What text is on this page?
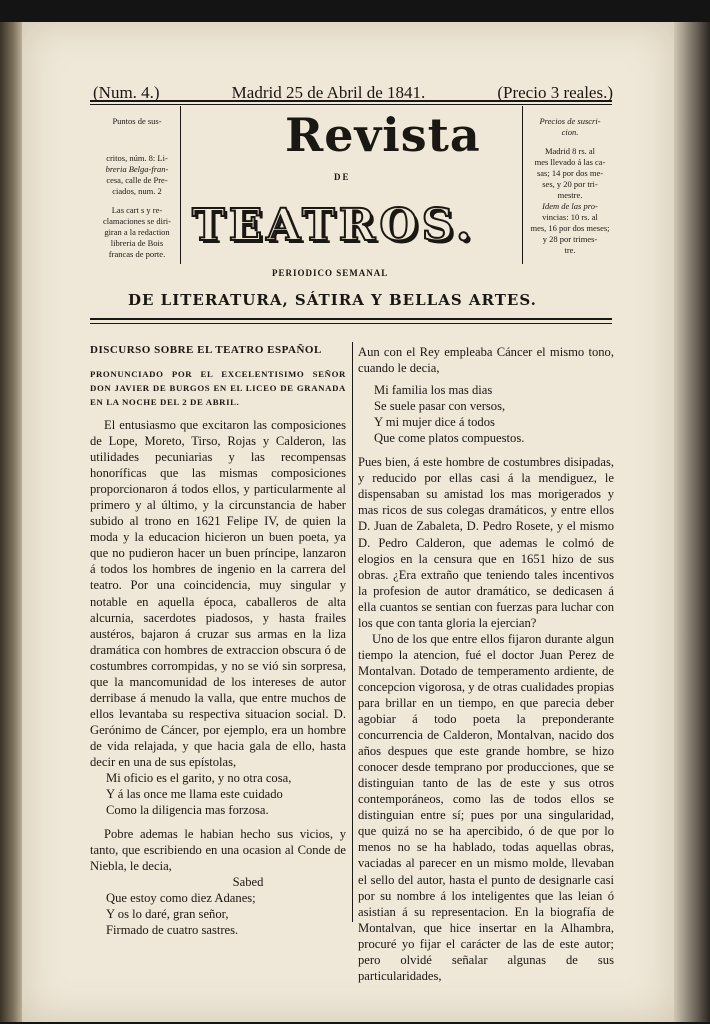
(Num. 4.)	Madrid 25 de Abril de 1841.	(Precio 3 reales.)
Puntos de sus-
critos, núm. 8: Li-
breria Belga-fran-
cesa, calle de Pre-
ciados, num. 2
Las cart s y re-
clamaciones se diri-
giran a la redaction
libreria de Bois
francas de porte.
Precios de suscri-
cion.
Madrid 8 rs. al
mes llevado á las ca-
sas; 14 por dos me-
ses, y 20 por tri-
mestre.
Idem de las pro-
vincias: 10 rs. al
mes, 16 por dos meses;
y 28 por trimes-
tre.
Revista
DE
TEATROS.
PERIODICO SEMANAL
DE LITERATURA, SÁTIRA Y BELLAS ARTES.

DISCURSO SOBRE EL TEATRO ESPAÑOL

PRONUNCIADO POR EL EXCELENTISIMO SEÑOR DON JAVIER DE BURGOS EN EL LICEO DE GRANADA EN LA NOCHE DEL 2 DE ABRIL.

El entusiasmo que excitaron las composiciones de Lope, Moreto, Tirso, Rojas y Calderon, las utilidades pecuniarias y las recompensas honoríficas que las mismas composiciones proporcionaron á todos ellos, y particularmente al primero y al último, y la circunstancia de haber subido al trono en 1621 Felipe IV, de quien la moda y la educacion hicieron un buen poeta, ya que no pudieron hacer un buen príncipe, lanzaron á todos los hombres de ingenio en la carrera del teatro. Por una coincidencia, muy singular y notable en aquella época, caballeros de alta alcurnia, sacerdotes piadosos, y hasta frailes austéros, bajaron á cruzar sus armas en la liza dramática con hombres de extraccion obscura ó de costumbres corrompidas, y no se vió sin sorpresa, que la mancomunidad de los intereses de autor derribase á menudo la valla, que entre muchos de ellos levantaba su respectiva situacion social. D. Gerónimo de Cáncer, por ejemplo, era un hombre de vida relajada, y que hacia gala de ello, hasta decir en una de sus epístolas,

Mi oficio es el garito, y no otra cosa,
Y á las once me llama este cuidado
Como la diligencia mas forzosa.

Pobre ademas le habian hecho sus vicios, y tanto, que escribiendo en una ocasion al Conde de Niebla, le decia,

Sabed
Que estoy como diez Adanes;
Y os lo daré, gran señor,
Firmado de cuatro sastres.

Aun con el Rey empleaba Cáncer el mismo tono, cuando le decia,

Mi familia los mas dias
Se suele pasar con versos,
Y mi mujer dice á todos
Que come platos compuestos.

Pues bien, á este hombre de costumbres disipadas, y reducido por ellas casi á la mendiguez, le dispensaban su amistad los mas morigerados y mas ricos de sus colegas dramáticos, y entre ellos D. Juan de Zabaleta, D. Pedro Rosete, y el mismo D. Pedro Calderon, que ademas le colmó de elogios en la censura que en 1651 hizo de sus obras. ¿Era extraño que teniendo tales incentivos la profesion de autor dramático, se dedicasen á ella cuantos se sentian con fuerzas para luchar con los que con tanta gloria la ejercian?

Uno de los que entre ellos fijaron durante algun tiempo la atencion, fué el doctor Juan Perez de Montalvan. Dotado de temperamento ardiente, de concepcion vigorosa, y de otras cualidades propias para brillar en un tiempo, en que parecia deber agobiar á todo poeta la preponderante concurrencia de Calderon, Montalvan, nacido dos años despues que este grande hombre, se hizo conocer desde temprano por producciones, que se distinguian tanto de las de este y sus otros contemporáneos, como las de todos ellos se distinguian entre sí; pues por una singularidad, que quizá no se ha apercibido, ó de que por lo menos no se ha hablado, todas aquellas obras, vaciadas al parecer en un mismo molde, llevaban el sello del autor, hasta el punto de designarle casi por su nombre á los inteligentes que las leian ó asistian á su representacion. En la biografía de Montalvan, que hice insertar en la Alhambra, procuré yo fijar el carácter de las de este autor; pero olvidé señalar algunas de sus particularidades,
